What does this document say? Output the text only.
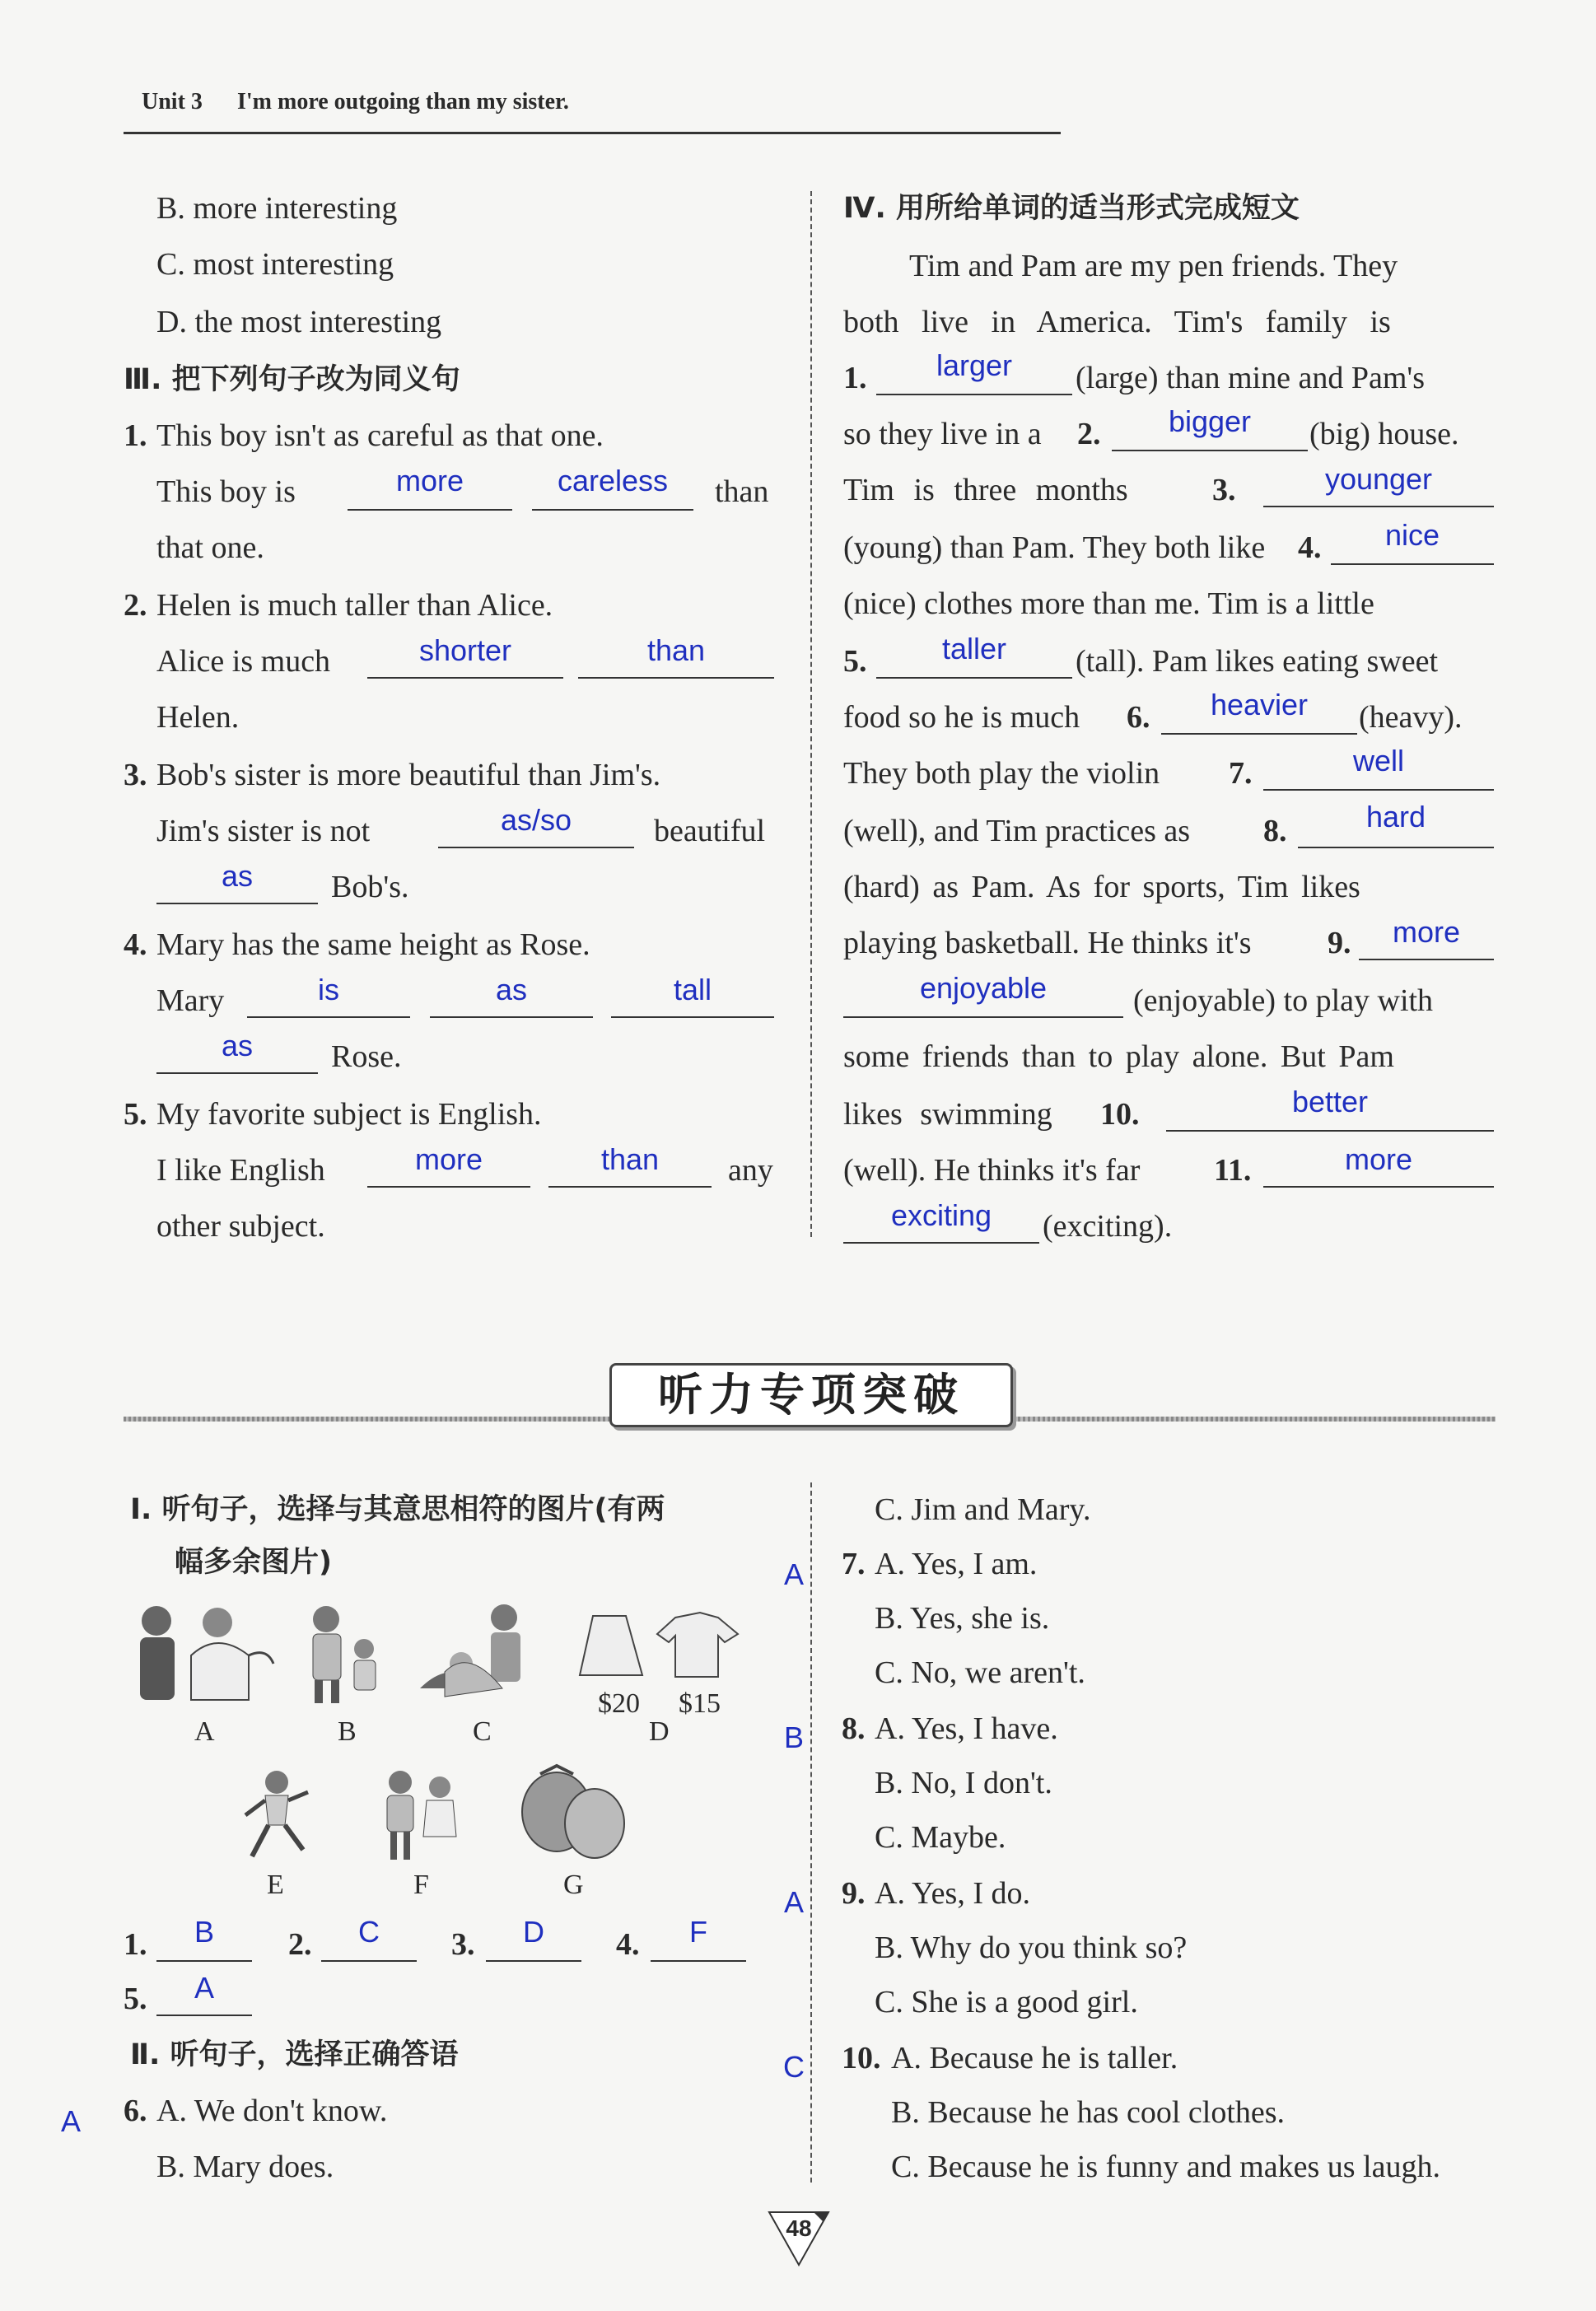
Unit 3 I'm more outgoing than my sister.
B. more interesting
C. most interesting
D. the most interesting
Ⅲ. 把下列句子改为同义句
1. This boy isn't as careful as that one.
This boy is	more	careless	than
that one.
2. Helen is much taller than Alice.
Alice is much	shorter	than
Helen.
3. Bob's sister is more beautiful than Jim's.
Jim's sister is not	as/so	beautiful
as	Bob's.
4. Mary has the same height as Rose.
Mary	is	as	tall
as	Rose.
5. My favorite subject is English.
I like English	more	than	any
other subject.
Ⅳ. 用所给单词的适当形式完成短文
Tim and Pam are my pen friends. They
both live in America. Tim's family is
1.	larger	(large) than mine and Pam's
so they live in a 2.	bigger	(big) house.
Tim is three months	3.	younger
(young) than Pam. They both like 4.	nice
(nice) clothes more than me. Tim is a little
5.	taller	(tall). Pam likes eating sweet
food so he is much 6.	heavier	(heavy).
They both play the violin 7.	well
(well), and Tim practices as 8.	hard
(hard) as Pam. As for sports, Tim likes
playing basketball. He thinks it's 9.	more
enjoyable	(enjoyable) to play with
some friends than to play alone. But Pam
likes swimming 10.	better
(well). He thinks it's far 11.	more
exciting	(exciting).
听力专项突破
Ⅰ. 听句子，选择与其意思相符的图片(有两
幅多余图片)
$20 $15
A	B	C	D
E	F	G
1.	B	2.	C	3.	D	4.	F
5.	A
Ⅱ. 听句子，选择正确答语
A 6. A. We don't know.
B. Mary does.
C. Jim and Mary.
A 7. A. Yes, I am.
B. Yes, she is.
C. No, we aren't.
B 8. A. Yes, I have.
B. No, I don't.
C. Maybe.
A 9. A. Yes, I do.
B. Why do you think so?
C. She is a good girl.
C 10. A. Because he is taller.
B. Because he has cool clothes.
C. Because he is funny and makes us laugh.
48
